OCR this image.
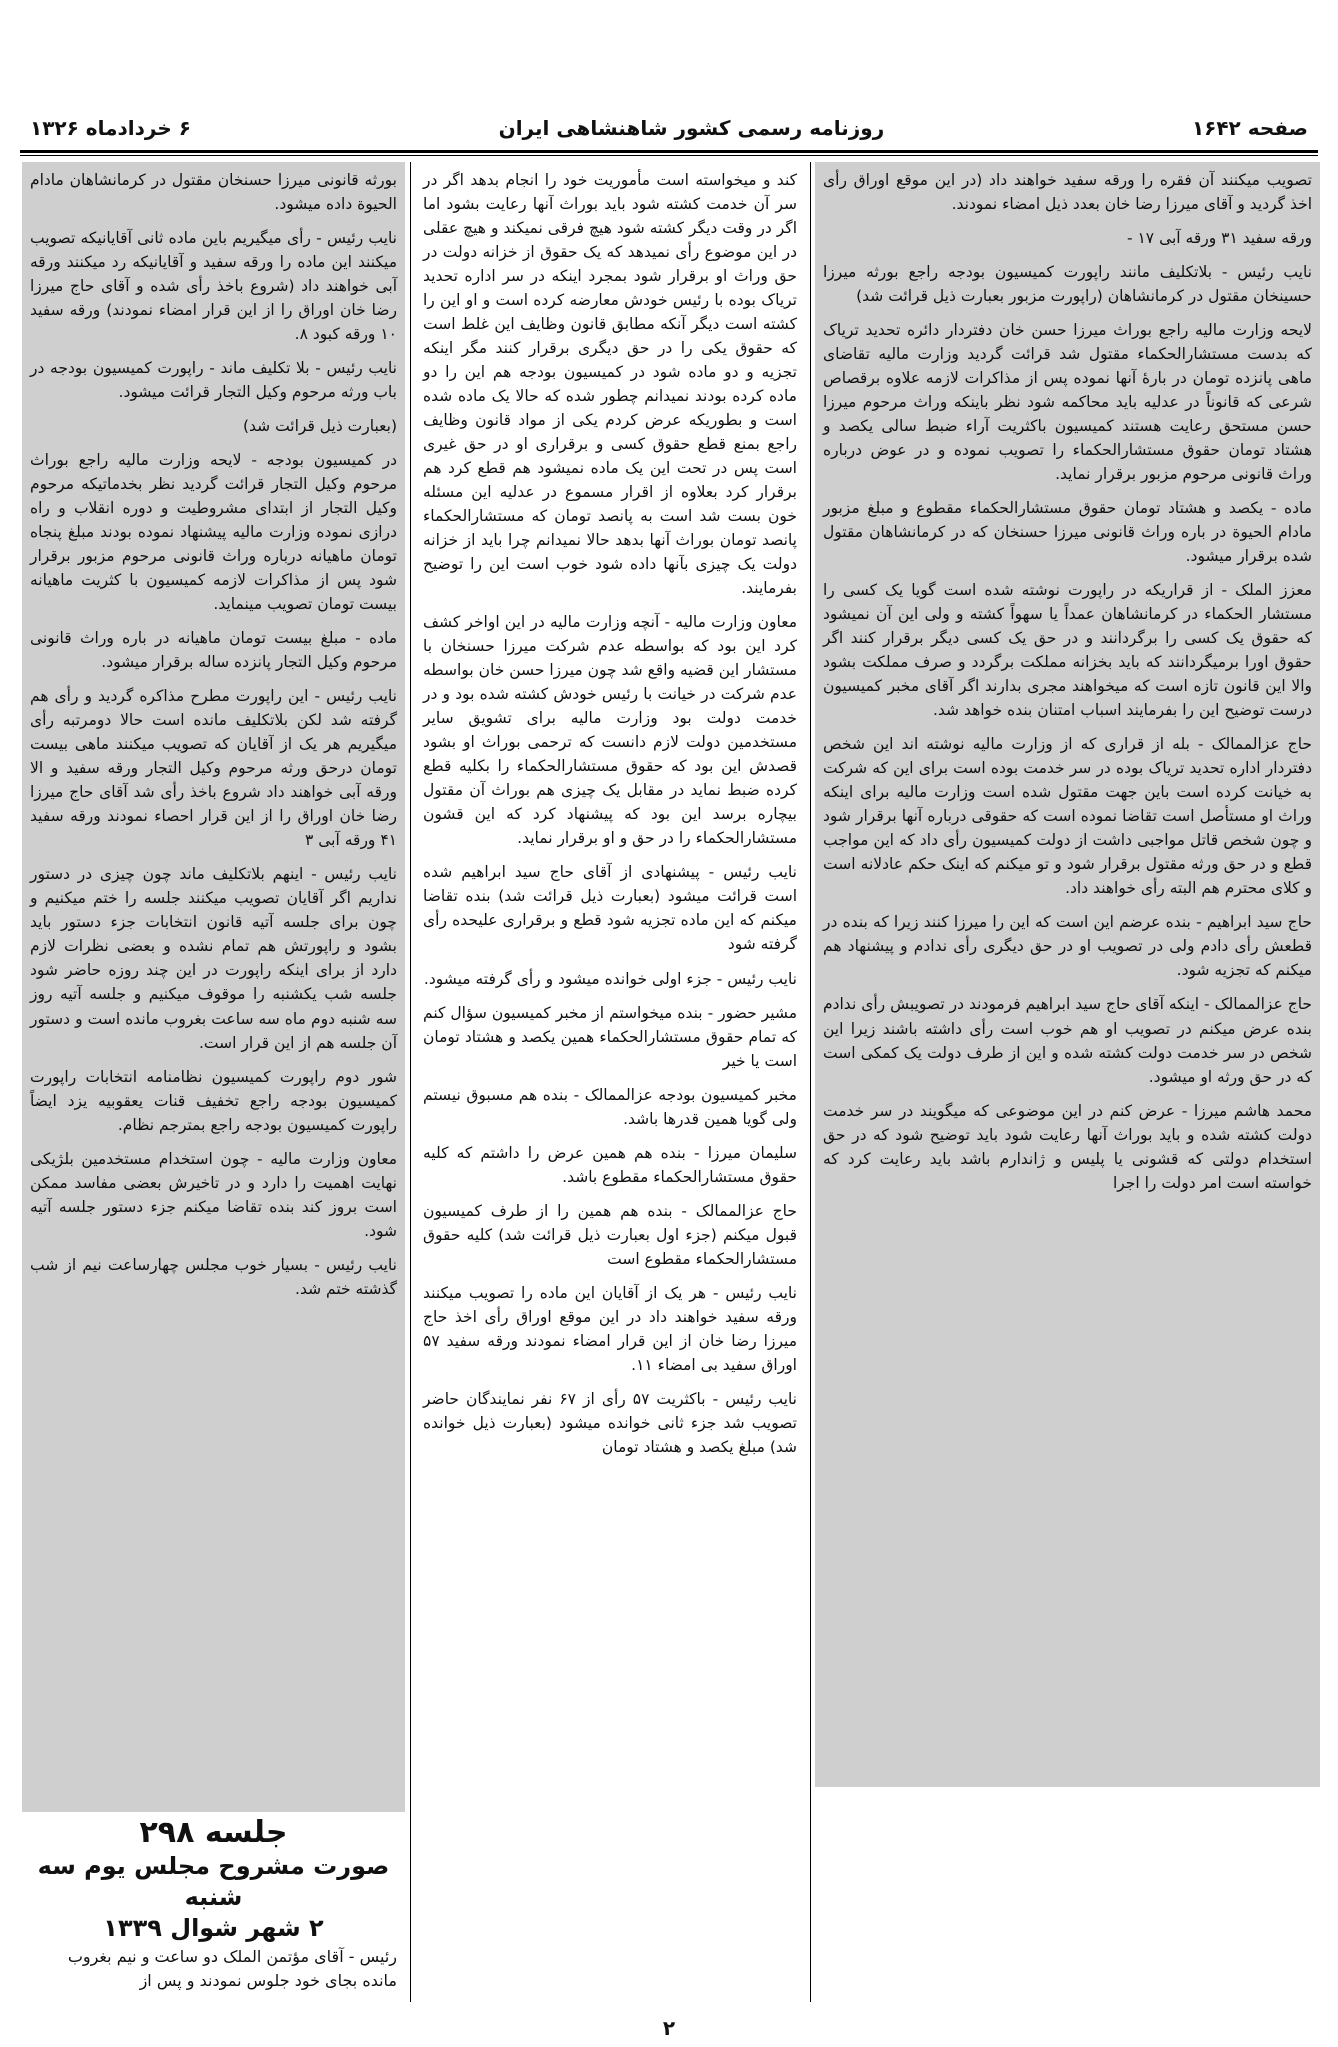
صفحه ۱۶۴۲
روزنامه رسمی کشور شاهنشاهی ایران
۶ خردادماه ۱۳۲۶

تصویب میکنند آن فقره را ورقه سفید خواهند داد (در این موقع اوراق رأی اخذ گردید و آقای میرزا رضا خان بعدد ذیل امضاء نمودند.

ورقه سفید ۳۱ ورقه آبی ۱۷ -

نایب رئیس - بلاتکلیف مانند راپورت کمیسیون بودجه راجع بورثه میرزا حسینخان مقتول در کرمانشاهان (راپورت مزبور بعبارت ذیل قرائت شد)

لایحه وزارت مالیه راجع بوراث میرزا حسن خان دفتردار دائره تحدید تریاک که بدست مستشارالحکماء مقتول شد قرائت گردید وزارت مالیه تقاضای ماهی پانزده تومان در بارهٔ آنها نموده پس از مذاکرات لازمه علاوه برقصاص شرعی که قانوناً در عدلیه باید محاکمه شود نظر باینکه وراث مرحوم میرزا حسن مستحق رعایت هستند کمیسیون باکثریت آراء ضبط سالی یکصد و هشتاد تومان حقوق مستشارالحکماء را تصویب نموده و در عوض درباره وراث قانونی مرحوم مزبور برقرار نماید.

ماده - یکصد و هشتاد تومان حقوق مستشارالحکماء مقطوع و مبلغ مزبور مادام الحیوة در باره وراث قانونی میرزا حسنخان که در کرمانشاهان مقتول شده برقرار میشود.

معزز الملک - از قراریکه در راپورت نوشته شده است گویا یک کسی را مستشار الحکماء در کرمانشاهان عمداً یا سهواً کشته و ولی این آن نمیشود که حقوق یک کسی را برگردانند و در حق یک کسی دیگر برقرار کنند اگر حقوق اورا برمیگردانند که باید بخزانه مملکت برگردد و صرف مملکت بشود والا این قانون تازه است که میخواهند مجری بدارند اگر آقای مخبر کمیسیون درست توضیح این را بفرمایند اسباب امتنان بنده خواهد شد.

حاج عزالممالک - بله از قراری که از وزارت مالیه نوشته اند این شخص دفتردار اداره تحدید تریاک بوده در سر خدمت بوده است برای این که شرکت به خیانت کرده است باین جهت مقتول شده است وزارت مالیه برای اینکه وراث او مستأصل است تقاضا نموده است که حقوقی درباره آنها برقرار شود و چون شخص قاتل مواجبی داشت از دولت کمیسیون رأی داد که این مواجب قطع و در حق ورثه مقتول برقرار شود و تو میکنم که اینک حکم عادلانه است و کلای محترم هم البته رأی خواهند داد.

حاج سید ابراهیم - بنده عرضم این است که این را میرزا کنند زیرا که بنده در قطعش رأی دادم ولی در تصویب او در حق دیگری رأی ندادم و پیشنهاد هم میکنم که تجزیه شود.

حاج عزالممالک - اینکه آقای حاج سید ابراهیم فرمودند در تصویبش رأی ندادم بنده عرض میکنم در تصویب او هم خوب است رأی داشته باشند زیرا این شخص در سر خدمت دولت کشته شده و این از طرف دولت یک کمکی است که در حق ورثه او میشود.

محمد هاشم میرزا - عرض کنم در این موضوعی که میگویند در سر خدمت دولت کشته شده و باید بوراث آنها رعایت شود باید توضیح شود که در حق استخدام دولتی که قشونی یا پلیس و ژاندارم باشد باید رعایت کرد که خواسته است امر دولت را اجرا

کند و میخواسته است مأموریت خود را انجام بدهد اگر در سر آن خدمت کشته شود باید بوراث آنها رعایت بشود اما اگر در وقت دیگر کشته شود هیچ فرقی نمیکند و هیچ عقلی در این موضوع رأی نمیدهد که یک حقوق از خزانه دولت در حق وراث او برقرار شود بمجرد اینکه در سر اداره تحدید تریاک بوده با رئیس خودش معارضه کرده است و او این را کشته است دیگر آنکه مطابق قانون وظایف این غلط است که حقوق یکی را در حق دیگری برقرار کنند مگر اینکه تجزیه و دو ماده شود در کمیسیون بودجه هم این را دو ماده کرده بودند نمیدانم چطور شده که حالا یک ماده شده است و بطوریکه عرض کردم یکی از مواد قانون وظایف راجع بمنع قطع حقوق کسی و برقراری او در حق غیری است پس در تحت این یک ماده نمیشود هم قطع کرد هم برقرار کرد بعلاوه از اقرار مسموع در عدلیه این مسئله خون بست شد است به پانصد تومان که مستشارالحکماء پانصد تومان بوراث آنها بدهد حالا نمیدانم چرا باید از خزانه دولت یک چیزی بآنها داده شود خوب است این را توضیح بفرمایند.

معاون وزارت مالیه - آنچه وزارت مالیه در این اواخر کشف کرد این بود که بواسطه عدم شرکت میرزا حسنخان با مستشار این قضیه واقع شد چون میرزا حسن خان بواسطه عدم شرکت در خیانت با رئیس خودش کشته شده بود و در خدمت دولت بود وزارت مالیه برای تشویق سایر مستخدمین دولت لازم دانست که ترحمی بوراث او بشود قصدش این بود که حقوق مستشارالحکماء را بکلیه قطع کرده ضبط نماید در مقابل یک چیزی هم بوراث آن مقتول بیچاره برسد این بود که پیشنهاد کرد که این قشون مستشارالحکماء را در حق و او برقرار نماید.

نایب رئیس - پیشنهادی از آقای حاج سید ابراهیم شده است قرائت میشود (بعبارت ذیل قرائت شد) بنده تقاضا میکنم که این ماده تجزیه شود قطع و برقراری علیحده رأی گرفته شود

نایب رئیس - جزء اولی خوانده میشود و رأی گرفته میشود.

مشیر حضور - بنده میخواستم از مخبر کمیسیون سؤال کنم که تمام حقوق مستشارالحکماء همین یکصد و هشتاد تومان است یا خیر

مخبر کمیسیون بودجه عزالممالک - بنده هم مسبوق نیستم ولی گویا همین قدرها باشد.

سلیمان میرزا - بنده هم همین عرض را داشتم که کلیه حقوق مستشارالحکماء مقطوع باشد.

حاج عزالممالک - بنده هم همین را از طرف کمیسیون قبول میکنم (جزء اول بعبارت ذیل قرائت شد) کلیه حقوق مستشارالحکماء مقطوع است

نایب رئیس - هر یک از آقایان این ماده را تصویب میکنند ورقه سفید خواهند داد در این موقع اوراق رأی اخذ حاج میرزا رضا خان از این قرار امضاء نمودند ورقه سفید ۵۷ اوراق سفید بی امضاء ۱۱.

نایب رئیس - باکثریت ۵۷ رأی از ۶۷ نفر نمایندگان حاضر تصویب شد جزء ثانی خوانده میشود (بعبارت ذیل خوانده شد) مبلغ یکصد و هشتاد تومان

بورثه قانونی میرزا حسنخان مقتول در کرمانشاهان مادام الحیوة داده میشود.

نایب رئیس - رأی میگیریم باین ماده ثانی آقایانیکه تصویب میکنند این ماده را ورقه سفید و آقایانیکه رد میکنند ورقه آبی خواهند داد (شروع باخذ رأی شده و آقای حاج میرزا رضا خان اوراق را از این قرار امضاء نمودند) ورقه سفید ۱۰ ورقه کبود ۸.

نایب رئیس - بلا تکلیف ماند - راپورت کمیسیون بودجه در باب ورثه مرحوم وکیل التجار قرائت میشود.

(بعبارت ذیل قرائت شد)

در کمیسیون بودجه - لایحه وزارت مالیه راجع بوراث مرحوم وکیل التجار قرائت گردید نظر بخدماتیکه مرحوم وکیل التجار از ابتدای مشروطیت و دوره انقلاب و راه درازی نموده وزارت مالیه پیشنهاد نموده بودند مبلغ پنجاه تومان ماهیانه درباره وراث قانونی مرحوم مزبور برقرار شود پس از مذاکرات لازمه کمیسیون با کثریت ماهیانه بیست تومان تصویب مینماید.

ماده - مبلغ بیست تومان ماهیانه در باره وراث قانونی مرحوم وکیل التجار پانزده ساله برقرار میشود.

نایب رئیس - این راپورت مطرح مذاکره گردید و رأی هم گرفته شد لکن بلاتکلیف مانده است حالا دومرتبه رأی میگیریم هر یک از آقایان که تصویب میکنند ماهی بیست تومان درحق ورثه مرحوم وکیل التجار ورقه سفید و الا ورقه آبی خواهند داد شروع باخذ رأی شد آقای حاج میرزا رضا خان اوراق را از این قرار احصاء نمودند ورقه سفید ۴۱ ورقه آبی ۳

نایب رئیس - اینهم بلاتکلیف ماند چون چیزی در دستور نداریم اگر آقایان تصویب میکنند جلسه را ختم میکنیم و چون برای جلسه آتیه قانون انتخابات جزء دستور باید بشود و راپورتش هم تمام نشده و بعضی نظرات لازم دارد از برای اینکه راپورت در این چند روزه حاضر شود جلسه شب یکشنبه را موقوف میکنیم و جلسه آتیه روز سه شنبه دوم ماه سه ساعت بغروب مانده است و دستور آن جلسه هم از این قرار است.

شور دوم راپورت کمیسیون نظامنامه انتخابات راپورت کمیسیون بودجه راجع تخفیف قنات یعقوبیه یزد ایضاً راپورت کمیسیون بودجه راجع بمترجم نظام.

معاون وزارت مالیه - چون استخدام مستخدمین بلژیکی نهایت اهمیت را دارد و در تاخیرش بعضی مفاسد ممکن است بروز کند بنده تقاضا میکنم جزء دستور جلسه آتیه شود.

نایب رئیس - بسیار خوب مجلس چهارساعت نیم از شب گذشته ختم شد.

جلسه ۲۹۸
صورت مشروح مجلس یوم سه شنبه
۲ شهر شوال ۱۳۳۹
رئیس - آقای مؤتمن الملک دو ساعت و نیم بغروب مانده بجای خود جلوس نمودند و پس از
۲
